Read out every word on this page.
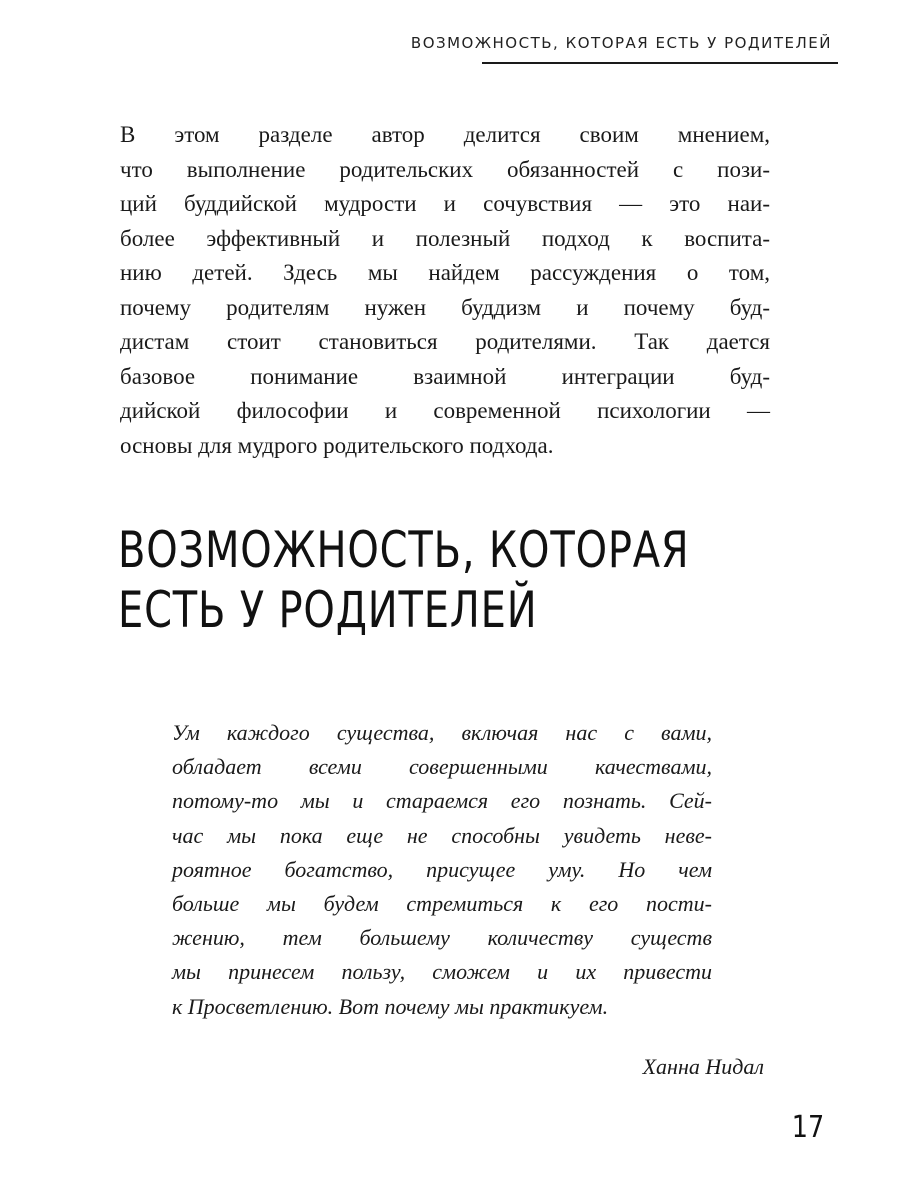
ВОЗМОЖНОСТЬ, КОТОРАЯ ЕСТЬ У РОДИТЕЛЕЙ
В этом разделе автор делится своим мнением,
что выполнение родительских обязанностей с пози-
ций буддийской мудрости и сочувствия — это наи-
более эффективный и полезный подход к воспита-
нию детей. Здесь мы найдем рассуждения о том,
почему родителям нужен буддизм и почему буд-
дистам стоит становиться родителями. Так дается
базовое понимание взаимной интеграции буд-
дийской философии и современной психологии —
основы для мудрого родительского подхода.
ВОЗМОЖНОСТЬ, КОТОРАЯ
ЕСТЬ У РОДИТЕЛЕЙ
Ум каждого существа, включая нас с вами,
обладает всеми совершенными качествами,
потому-то мы и стараемся его познать. Сей-
час мы пока еще не способны увидеть неве-
роятное богатство, присущее уму. Но чем
больше мы будем стремиться к его пости-
жению, тем большему количеству существ
мы принесем пользу, сможем и их привести
к Просветлению. Вот почему мы практикуем.

Ханна Нидал

17
